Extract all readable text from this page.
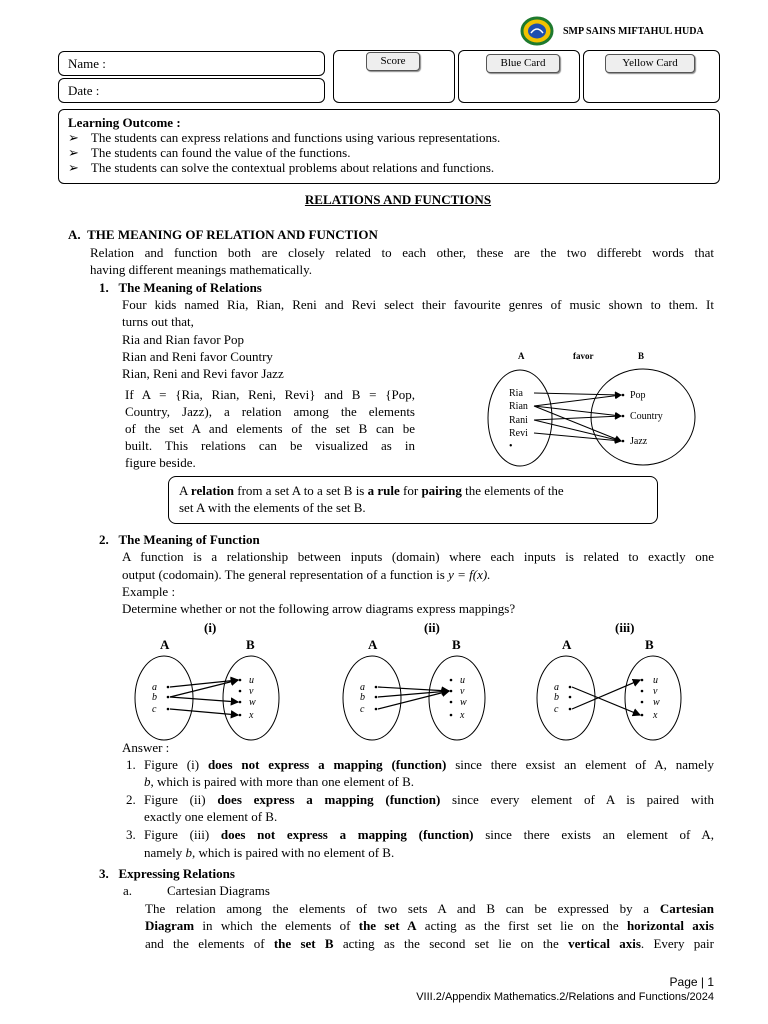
SMP SAINS MIFTAHUL HUDA
Name :
Date :
Score	Blue Card	Yellow Card
Learning Outcome :
➢ The students can express relations and functions using various representations.
➢ The students can found the value of the functions.
➢ The students can solve the contextual problems about relations and functions.
RELATIONS AND FUNCTIONS
A.  THE MEANING OF RELATION AND FUNCTION
Relation and function both are closely related to each other, these are the two differebt words that
having different meanings mathematically.
1.   The Meaning of Relations
Four kids named Ria, Rian, Reni and Revi select their favourite genres of music shown to them. It
turns out that,
Ria and Rian favor Pop
Rian and Reni favor Country
Rian, Reni and Revi favor Jazz
If A = {Ria, Rian, Reni, Revi} and B = {Pop,
Country, Jazz), a relation among the elements
of the set A and elements of the set B can be
built. This relations can be visualized as in
figure beside.
A	favor	B
Ria
Rian
Rani
Revi
•
Pop
Country
Jazz
A relation from a set A to a set B is a rule for pairing the elements of the
set A with the elements of the set B.
2.   The Meaning of Function
A function is a relationship between inputs (domain) where each inputs is related to exactly one
output (codomain). The general representation of a function is y = f(x).
Example :
Determine whether or not the following arrow diagrams express mappings?
(i)	(ii)	(iii)
A	B
a
b
c
u
v
w
x
A	B
a
b
c
u
v
w
x
A	B
a
b
c
u
v
w
x
Answer :
1. Figure (i) does not express a mapping (function) since there exsist an element of A, namely
b, which is paired with more than one element of B.
2. Figure (ii) does express a mapping (function) since every element of A is paired with
exactly one element of B.
3. Figure (iii) does not express a mapping (function) since there exists an element of A,
namely b, which is paired with no element of B.
3.   Expressing Relations
a.	Cartesian Diagrams
The relation among the elements of two sets A and B can be expressed by a Cartesian
Diagram in which the elements of the set A acting as the first set lie on the horizontal axis
and the elements of the set B acting as the second set lie on the vertical axis. Every pair
Page | 1
VIII.2/Appendix Mathematics.2/Relations and Functions/2024
